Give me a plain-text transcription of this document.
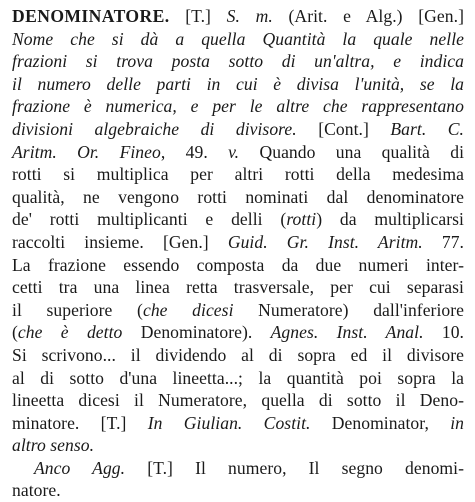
DENOMINATORE. [T.] S. m. (Arit. e Alg.) [Gen.]
Nome che si dà a quella Quantità la quale nelle
frazioni si trova posta sotto di un'altra, e indica
il numero delle parti in cui è divisa l'unità, se la
frazione è numerica, e per le altre che rappresentano
divisioni algebraiche di divisore. [Cont.] Bart. C.
Aritm. Or. Fineo, 49. v. Quando una qualità di
rotti si multiplica per altri rotti della medesima
qualità, ne vengono rotti nominati dal denominatore
de' rotti multiplicanti e delli (rotti) da multiplicarsi
raccolti insieme. [Gen.] Guid. Gr. Inst. Aritm. 77.
La frazione essendo composta da due numeri inter-
cetti tra una linea retta trasversale, per cui separasi
il superiore (che dicesi Numeratore) dall'inferiore
(che è detto Denominatore). Agnes. Inst. Anal. 10.
Si scrivono... il dividendo al di sopra ed il divisore
al di sotto d'una lineetta...; la quantità poi sopra la
lineetta dicesi il Numeratore, quella di sotto il Deno-
minatore. [T.] In Giulian. Costit. Denominator, in
altro senso.
Anco Agg. [T.] Il numero, Il segno denomi-
natore.
